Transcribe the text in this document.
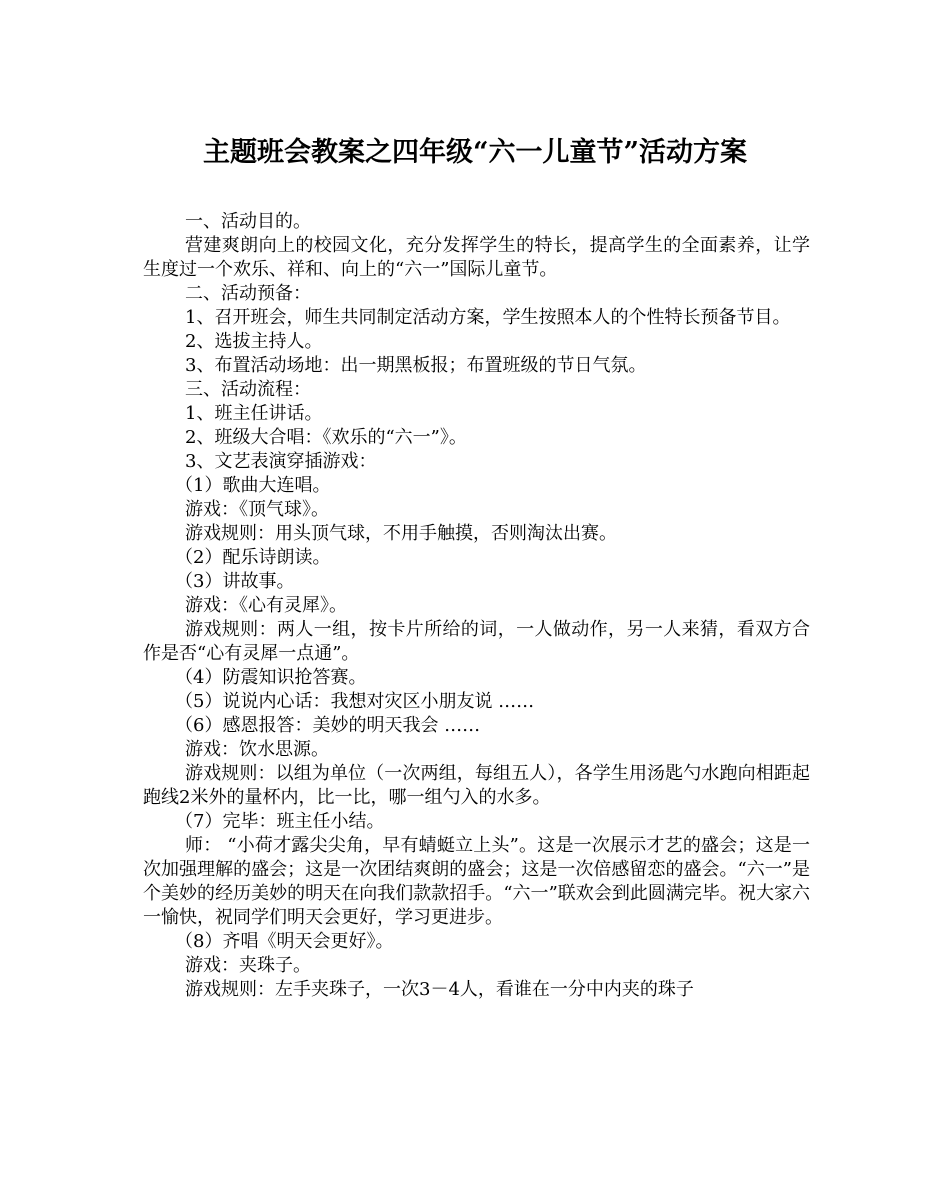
主题班会教案之四年级“六一儿童节”活动方案

一、活动目的。

营建爽朗向上的校园文化，充分发挥学生的特长，提高学生的全面素养，让学生度过一个欢乐、祥和、向上的“六一”国际儿童节。

二、活动预备：

1、召开班会，师生共同制定活动方案，学生按照本人的个性特长预备节目。

2、选拔主持人。

3、布置活动场地：出一期黑板报；布置班级的节日气氛。

三、活动流程：

1、班主任讲话。

2、班级大合唱：《欢乐的“六一”》。

3、文艺表演穿插游戏：

（1）歌曲大连唱。

游戏：《顶气球》。

游戏规则：用头顶气球，不用手触摸，否则淘汰出赛。

（2）配乐诗朗读。

（3）讲故事。

游戏：《心有灵犀》。

游戏规则：两人一组，按卡片所给的词，一人做动作，另一人来猜，看双方合作是否“心有灵犀一点通”。

（4）防震知识抢答赛。

（5）说说内心话：我想对灾区小朋友说 ……

（6）感恩报答：美妙的明天我会 ……

游戏：饮水思源。

游戏规则：以组为单位（一次两组，每组五人），各学生用汤匙勺水跑向相距起跑线2米外的量杯内，比一比，哪一组勺入的水多。

（7）完毕：班主任小结。

师： “小荷才露尖尖角，早有蜻蜓立上头”。这是一次展示才艺的盛会；这是一次加强理解的盛会；这是一次团结爽朗的盛会；这是一次倍感留恋的盛会。“六一”是个美妙的经历美妙的明天在向我们款款招手。“六一”联欢会到此圆满完毕。祝大家六一愉快，祝同学们明天会更好，学习更进步。

（8）齐唱《明天会更好》。

游戏：夹珠子。

游戏规则：左手夹珠子，一次3－4人，看谁在一分中内夹的珠子
